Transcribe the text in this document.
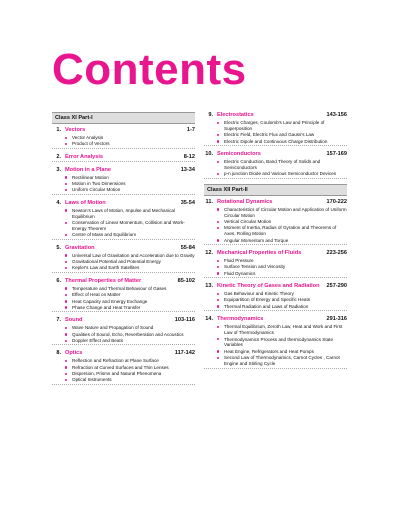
Contents
Class XI Part-I
1. Vectors	1-7
Vector Analysis
Product of Vectors
2. Error Analysis	8-12
3. Motion in a Plane	13-34
Rectilinear Motion
Motion in Two Dimensions
Uniform Circular Motion
4. Laws of Motion	35-54
Newton's Laws of Motion, Impulse and Mechanical Equilibrium
Conservation of Linear Momentum, Collision and Work-Energy Theorem
Centre of Mass and Equilibrium
5. Gravitation	55-84
Universal Law of Gravitation and Acceleration due to Gravity
Gravitational Potential and Potential Energy
Kepler's Law and Earth Satellites
6. Thermal Properties of Matter	85-102
Temperature and Thermal Behaviour of Gases
Effect of Heat on Matter
Heat Capacity and Energy Exchange
Phase Change and Heat Transfer
7. Sound	103-116
Wave Nature and Propagation of Sound
Qualities of Sound, Echo, Reverberation and Acoustics
Doppler Effect and Beats
8. Optics	117-142
Reflection and Refraction at Plane Surface
Refraction at Curved Surfaces and Thin Lenses
Dispersion, Prisms and Natural Phenomena
Optical Instruments
9. Electrostatics	143-156
Electric Charges, Coulomb's Law and Principle of Superposition
Electric Field, Electric Flux and Gauss's Law
Electric Dipole and Continuous Charge Distribution
10. Semiconductors	157-169
Electric Conduction, Band Theory of Solids and Semiconductors
p-n junction Diode and Various Semiconductor Devices
Class XII Part-II
11. Rotational Dynamics	170-222
Characteristics of Circular Motion and Application of Uniform Circular Motion
Vertical Circular Motion
Moment of Inertia, Radius of Gyration and Theorems of Axes, Rolling Motion
Angular Momentum and Torque
12. Mechanical Properties of Fluids	223-256
Fluid Pressure
Surface Tension and Viscosity
Fluid Dynamics
13. Kinetic Theory of Gases and Radiation	257-290
Gas Behaviour and Kinetic Theory
Equipartition of Energy and Specific Heats
Thermal Radiation and Laws of Radiation
14. Thermodynamics	291-316
Thermal Equilibrium, Zeroth Law, Heat and Work and First Law of Thermodynamics
Thermodynamics Process and thermodynamics State Variables
Heat Engine, Refrigerators and Heat Pumps
Second Law of Thermodynamics, Carnot Cycles , Carnot Engine and Stirling Cycle
